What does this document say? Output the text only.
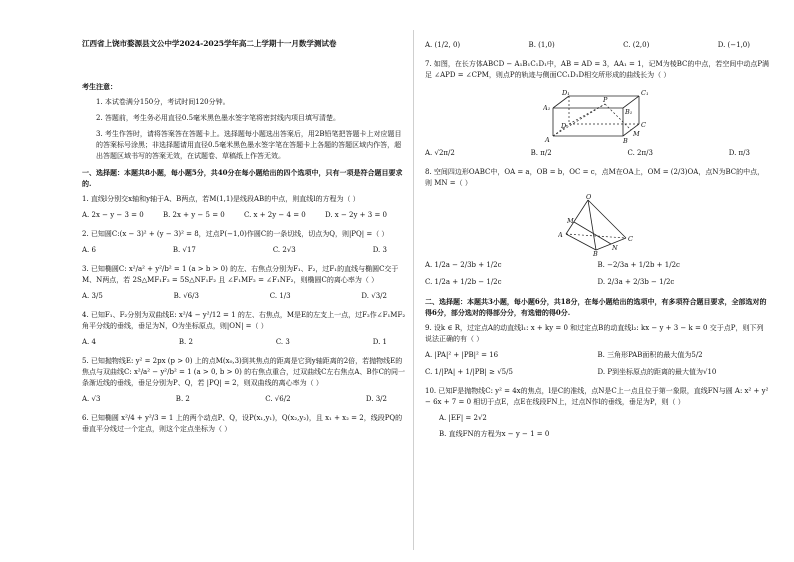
江西省上饶市婺源县文公中学2024-2025学年高二上学期十一月数学测试卷

考生注意：

1. 本试卷满分150分，考试时间120分钟。

2. 答题前，考生务必用直径0.5毫米黑色墨水签字笔将密封线内项目填写清楚。

3. 考生作答时，请将答案答在答题卡上。选择题每小题选出答案后，用2B铅笔把答题卡上对应题目的答案标号涂黑；非选择题请用直径0.5毫米黑色墨水签字笔在答题卡上各题的答题区域内作答，超出答题区域书写的答案无效，在试题卷、草稿纸上作答无效。

一、选择题：本题共8小题，每小题5分，共40分在每小题给出的四个选项中，只有一项是符合题目要求的.

1. 直线l分别交x轴和y轴于A、B两点，若M(1,1)是线段AB的中点，则直线l的方程为（ ）

A. 2x − y − 3 = 0	B. 2x + y − 5 = 0	C. x + 2y − 4 = 0	D. x − 2y + 3 = 0

2. 已知圆C:(x − 3)² + (y − 3)² = 8，过点P(−1,0)作圆C的一条切线，切点为Q，则|PQ| =（ ）

A. 6	B. √17	C. 2√3	D. 3

3. 已知椭圆C: x²/a² + y²/b² = 1 (a > b > 0) 的左、右焦点分别为F₁、F₂，过F₁的直线与椭圆C交于M、N两点，若 2S△MF₁F₂ = 5S△NF₁F₂ 且 ∠F₁MF₂ = ∠F₁NF₂，则椭圆C的离心率为（ ）

A. 3/5	B. √6/3	C. 1/3	D. √3/2

4. 已知F₁、F₂分别为双曲线E: x²/4 − y²/12 = 1 的左、右焦点，M是E的左支上一点，过F₂作∠F₁MF₂角平分线的垂线，垂足为N，O为坐标原点，则|ON| =（ ）

A. 4	B. 2	C. 3	D. 1

5. 已知抛物线E: y² = 2px (p > 0) 上的点M(x₀,3)到其焦点的距离是它到y轴距离的2倍，若抛物线E的焦点与双曲线C: x²/a² − y²/b² = 1 (a > 0, b > 0) 的右焦点重合，过双曲线C左右焦点A、B作C的同一条渐近线的垂线，垂足分别为P、Q，若 |PQ| = 2，则双曲线的离心率为（ ）

A. √3	B. 2	C. √6/2	D. 3/2

6. 已知椭圆 x²/4 + y²/3 = 1 上的两个动点P、Q，设P(x₁,y₁)，Q(x₂,y₂)，且 x₁ + x₂ = 2，线段PQ的垂直平分线过一个定点，则这个定点坐标为（ ）

A. (1/2, 0)	B. (1,0)	C. (2,0)	D. (−1,0)

7. 如图，在长方体ABCD − A₁B₁C₁D₁中，AB = AD = 3，AA₁ = 1，记M为棱BC的中点，若空间中动点P满足 ∠APD = ∠CPM，则点P的轨迹与侧面CC₁D₁D相交所形成的曲线长为（ ）

D₁	C₁
A₁	B₁
P
D	C
M
A	B
A. √2π/2	B. π/2	C. 2π/3	D. π/3

8. 空间四边形OABC中，OA = a，OB = b，OC = c，点M在OA上，OM = (2/3)OA，点N为BC的中点，则 MN =（ ）

O
M
A
N
B
C
A. 1/2a − 2/3b + 1/2c	B. −2/3a + 1/2b + 1/2c
C. 1/2a + 1/2b − 1/2c	D. 2/3a + 2/3b − 1/2c

二、选择题：本题共3小题，每小题6分，共18分，在每小题给出的选项中，有多项符合题目要求，全部选对的得6分，部分选对的得部分分，有选错的得0分.

9. 设k ∈ R，过定点A的动直线l₁: x + ky = 0 和过定点B的动直线l₂: kx − y + 3 − k = 0 交于点P，则下列说法正确的有（ ）

A. |PA|² + |PB|² = 16	B. 三角形PAB面积的最大值为5/2
C. 1/|PA| + 1/|PB| ≥ √5/5	D. P到坐标原点的距离的最大值为√10

10. 已知F是抛物线C: y² = 4x的焦点，l是C的准线，点N是C上一点且位于第一象限，直线FN与圆 A: x² + y² − 6x + 7 = 0 相切于点E，点E在线段FN上，过点N作l的垂线，垂足为P，则（ ）

A. |EF| = 2√2

B. 直线FN的方程为x − y − 1 = 0
